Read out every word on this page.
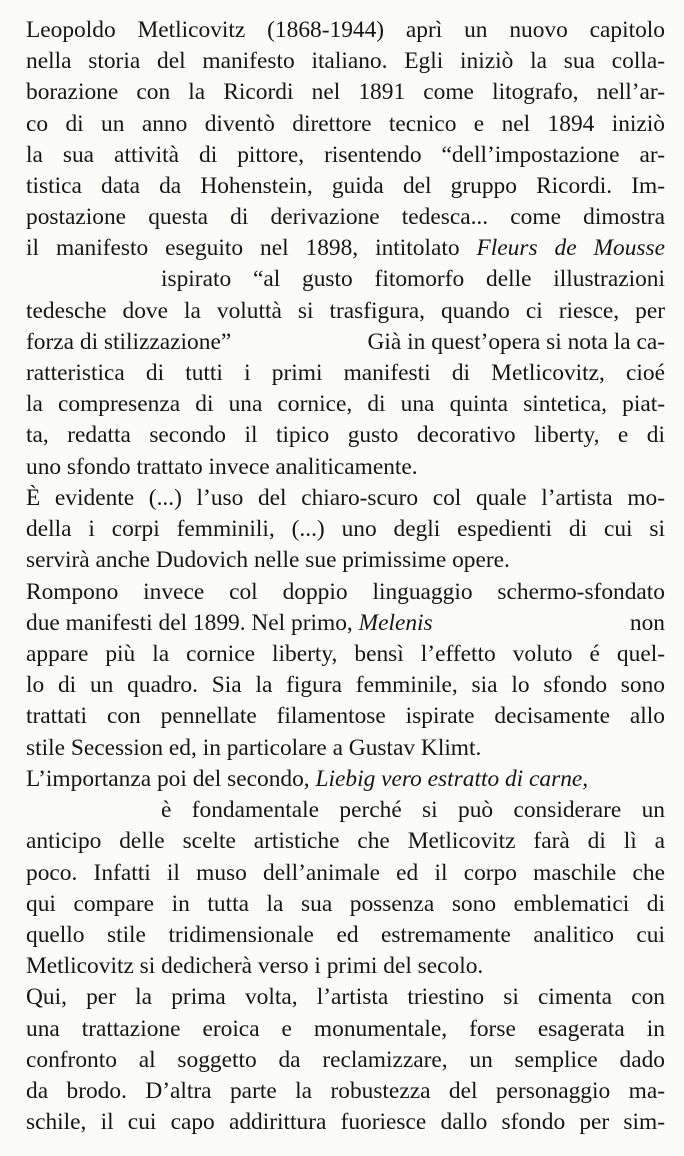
Leopoldo Metlicovitz (1868-1944) aprì un nuovo capitolo
nella storia del manifesto italiano. Egli iniziò la sua colla-
borazione con la Ricordi nel 1891 come litografo, nell’ar-
co di un anno diventò direttore tecnico e nel 1894 iniziò
la sua attività di pittore, risentendo “dell’impostazione ar-
tistica data da Hohenstein, guida del gruppo Ricordi. Im-
postazione questa di derivazione tedesca... come dimostra
il manifesto eseguito nel 1898, intitolato Fleurs de Mousse
ispirato “al gusto fitomorfo delle illustrazioni
tedesche dove la voluttà si trasfigura, quando ci riesce, per
forza di stilizzazione”	Già in quest’opera si nota la ca-
ratteristica di tutti i primi manifesti di Metlicovitz, cioé
la compresenza di una cornice, di una quinta sintetica, piat-
ta, redatta secondo il tipico gusto decorativo liberty, e di
uno sfondo trattato invece analiticamente.
È evidente (...) l’uso del chiaro-scuro col quale l’artista mo-
della i corpi femminili, (...) uno degli espedienti di cui si
servirà anche Dudovich nelle sue primissime opere.
Rompono invece col doppio linguaggio schermo-sfondato
due manifesti del 1899. Nel primo, Melenis	non
appare più la cornice liberty, bensì l’effetto voluto é quel-
lo di un quadro. Sia la figura femminile, sia lo sfondo sono
trattati con pennellate filamentose ispirate decisamente allo
stile Secession ed, in particolare a Gustav Klimt.
L’importanza poi del secondo, Liebig vero estratto di carne,
è fondamentale perché si può considerare un
anticipo delle scelte artistiche che Metlicovitz farà di lì a
poco. Infatti il muso dell’animale ed il corpo maschile che
qui compare in tutta la sua possenza sono emblematici di
quello stile tridimensionale ed estremamente analitico cui
Metlicovitz si dedicherà verso i primi del secolo.
Qui, per la prima volta, l’artista triestino si cimenta con
una trattazione eroica e monumentale, forse esagerata in
confronto al soggetto da reclamizzare, un semplice dado
da brodo. D’altra parte la robustezza del personaggio ma-
schile, il cui capo addirittura fuoriesce dallo sfondo per sim-
